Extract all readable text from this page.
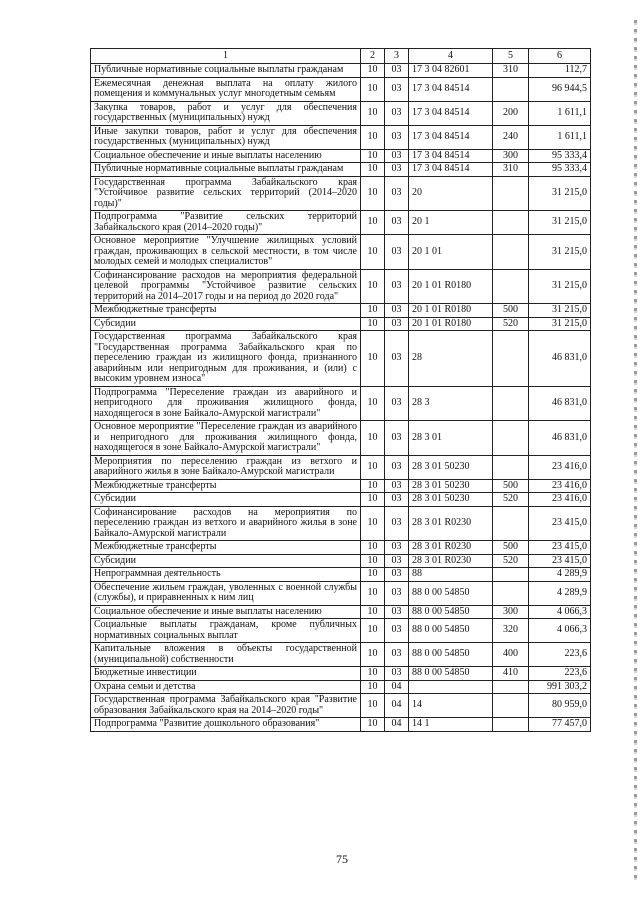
1	2	3	4	5	6
Публичные нормативные социальные выплаты гражданам	10	03	17 3 04 82601	310	112,7
Ежемесячная денежная выплата на оплату жилого помещения и коммунальных услуг многодетным семьям	10	03	17 3 04 84514		96 944,5
Закупка товаров, работ и услуг для обеспечения государственных (муниципальных) нужд	10	03	17 3 04 84514	200	1 611,1
Иные закупки товаров, работ и услуг для обеспечения государственных (муниципальных) нужд	10	03	17 3 04 84514	240	1 611,1
Социальное обеспечение и иные выплаты населению	10	03	17 3 04 84514	300	95 333,4
Публичные нормативные социальные выплаты гражданам	10	03	17 3 04 84514	310	95 333,4
Государственная программа Забайкальского края "Устойчивое развитие сельских территорий (2014–2020 годы)"	10	03	20		31 215,0
Подпрограмма "Развитие сельских территорий Забайкальского края (2014–2020 годы)"	10	03	20 1		31 215,0
Основное мероприятие "Улучшение жилищных условий граждан, проживающих в сельской местности, в том числе молодых семей и молодых специалистов"	10	03	20 1 01		31 215,0
Софинансирование расходов на мероприятия федеральной целевой программы "Устойчивое развитие сельских территорий на 2014–2017 годы и на период до 2020 года"	10	03	20 1 01 R0180		31 215,0
Межбюджетные трансферты	10	03	20 1 01 R0180	500	31 215,0
Субсидии	10	03	20 1 01 R0180	520	31 215,0
Государственная программа Забайкальского края "Государственная программа Забайкальского края по переселению граждан из жилищного фонда, признанного аварийным или непригодным для проживания, и (или) с высоким уровнем износа"	10	03	28		46 831,0
Подпрограмма "Переселение граждан из аварийного и непригодного для проживания жилищного фонда, находящегося в зоне Байкало-Амурской магистрали"	10	03	28 3		46 831,0
Основное мероприятие "Переселение граждан из аварийного и непригодного для проживания жилищного фонда, находящегося в зоне Байкало-Амурской магистрали"	10	03	28 3 01		46 831,0
Мероприятия по переселению граждан из ветхого и аварийного жилья в зоне Байкало-Амурской магистрали	10	03	28 3 01 50230		23 416,0
Межбюджетные трансферты	10	03	28 3 01 50230	500	23 416,0
Субсидии	10	03	28 3 01 50230	520	23 416,0
Софинансирование расходов на мероприятия по переселению граждан из ветхого и аварийного жилья в зоне Байкало-Амурской магистрали	10	03	28 3 01 R0230		23 415,0
Межбюджетные трансферты	10	03	28 3 01 R0230	500	23 415,0
Субсидии	10	03	28 3 01 R0230	520	23 415,0
Непрограммная деятельность	10	03	88		4 289,9
Обеспечение жильем граждан, уволенных с военной службы (службы), и приравненных к ним лиц	10	03	88 0 00 54850		4 289,9
Социальное обеспечение и иные выплаты населению	10	03	88 0 00 54850	300	4 066,3
Социальные выплаты гражданам, кроме публичных нормативных социальных выплат	10	03	88 0 00 54850	320	4 066,3
Капитальные вложения в объекты государственной (муниципальной) собственности	10	03	88 0 00 54850	400	223,6
Бюджетные инвестиции	10	03	88 0 00 54850	410	223,6
Охрана семьи и детства	10	04			991 303,2
Государственная программа Забайкальского края "Развитие образования Забайкальского края на 2014–2020 годы"	10	04	14		80 959,0
Подпрограмма "Развитие дошкольного образования"	10	04	14 1		77 457,0
75
